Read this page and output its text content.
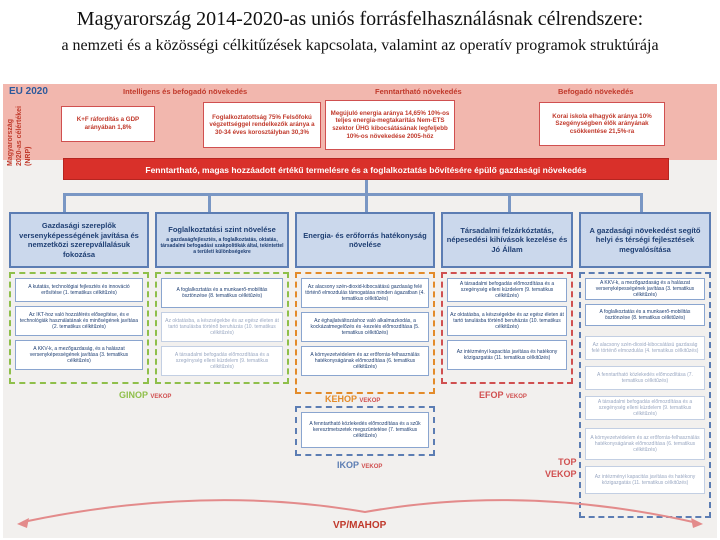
Magyarország 2014-2020-as uniós forrásfelhasználásnak célrendszere:
a nemzeti és a közösségi célkitűzések kapcsolata, valamint az operatív programok struktúrája
EU 2020
Magyarország 2020-as célértékei (NRP)
Intelligens és befogadó növekedés	Fenntartható növekedés	Befogadó növekedés
K+F ráfordítás a GDP arányában 1,8%
Foglalkoztatottság 75% Felsőfokú végzettséggel rendelkezők aránya a 30-34 éves korosztályban 30,3%
Megújuló energia aránya 14,65% 10%-os teljes energia-megtakarítás Nem-ETS szektor ÜHG kibocsátásának legfeljebb 10%-os növekedése 2005-höz
Korai iskola elhagyók aránya 10% Szegénységben élők arányának csökkentése 21,5%-ra
Fenntartható, magas hozzáadott értékű termelésre és a foglalkoztatás bővítésére épülő gazdasági növekedés
Gazdasági szereplők versenyképességének javítása és nemzetközi szerepvállalásuk fokozása
Foglalkoztatási szint növelése
a gazdaságfejlesztés, a foglalkoztatás, oktatás, társadalmi befogadási szakpolitikák által, tekintettel a területi különbségekre
Energia- és erőforrás hatékonyság növelése
Társadalmi felzárkóztatás, népesedési kihívások kezelése és Jó Állam
A gazdasági növekedést segítő helyi és térségi fejlesztések megvalósítása
A kutatás, technológiai fejlesztés és innováció erősítése (1. tematikus célkitűzés)
Az IKT-hoz való hozzáférés elősegítése, és e technológiák használatának és minőségének javítása (2. tematikus célkitűzés)
A KKV-k, a mezőgazdaság, és a halászat versenyképességének javítása (3. tematikus célkitűzés)
A foglalkoztatás és a munkaerő-mobilitás ösztönzése (8. tematikus célkitűzés)
Az oktatásba, a készségekbe és az egész életen át tartó tanulásba történő beruházás (10. tematikus célkitűzés)
A társadalmi befogadás előmozdítása és a szegénység elleni küzdelem (9. tematikus célkitűzés)
GINOP VEKOP
Az alacsony szén-dioxid-kibocsátású gazdaság felé történő elmozdulás támogatása minden ágazatban (4. tematikus célkitűzés)
Az éghajlatváltozáshoz való alkalmazkodás, a kockázatmegelőzés és -kezelés előmozdítása (5. tematikus célkitűzés)
A környezetvédelem és az erőforrás-felhasználás hatékonyságának előmozdítása (6. tematikus célkitűzés)
KEHOP VEKOP
A társadalmi befogadás előmozdítása és a szegénység elleni küzdelem (9. tematikus célkitűzés)
Az oktatásba, a készségekbe és az egész életen át tartó tanulásba történő beruházás (10. tematikus célkitűzés)
Az intézményi kapacitás javítása és hatékony közigazgatás (11. tematikus célkitűzés)
EFOP VEKOP
A KKV-k, a mezőgazdaság és a halászat versenyképességének javítása (3. tematikus célkitűzés)
A foglalkoztatás és a munkaerő-mobilitás ösztönzése (8. tematikus célkitűzés)
Az alacsony szén-dioxid-kibocsátású gazdaság felé történő elmozdulás (4. tematikus célkitűzés)
A fenntartható közlekedés előmozdítása (7. tematikus célkitűzés)
A társadalmi befogadás előmozdítása és a szegénység elleni küzdelem (9. tematikus célkitűzés)
A környezetvédelem és az erőforrás-felhasználás hatékonyságának előmozdítása (6. tematikus célkitűzés)
Az intézményi kapacitás javítása és hatékony közigazgatás (11. tematikus célkitűzés)
TOP
VEKOP
A fenntartható közlekedés előmozdítása és a szűk keresztmetszetek megszüntetése (7. tematikus célkitűzés)
IKOP VEKOP
VP/MAHOP
